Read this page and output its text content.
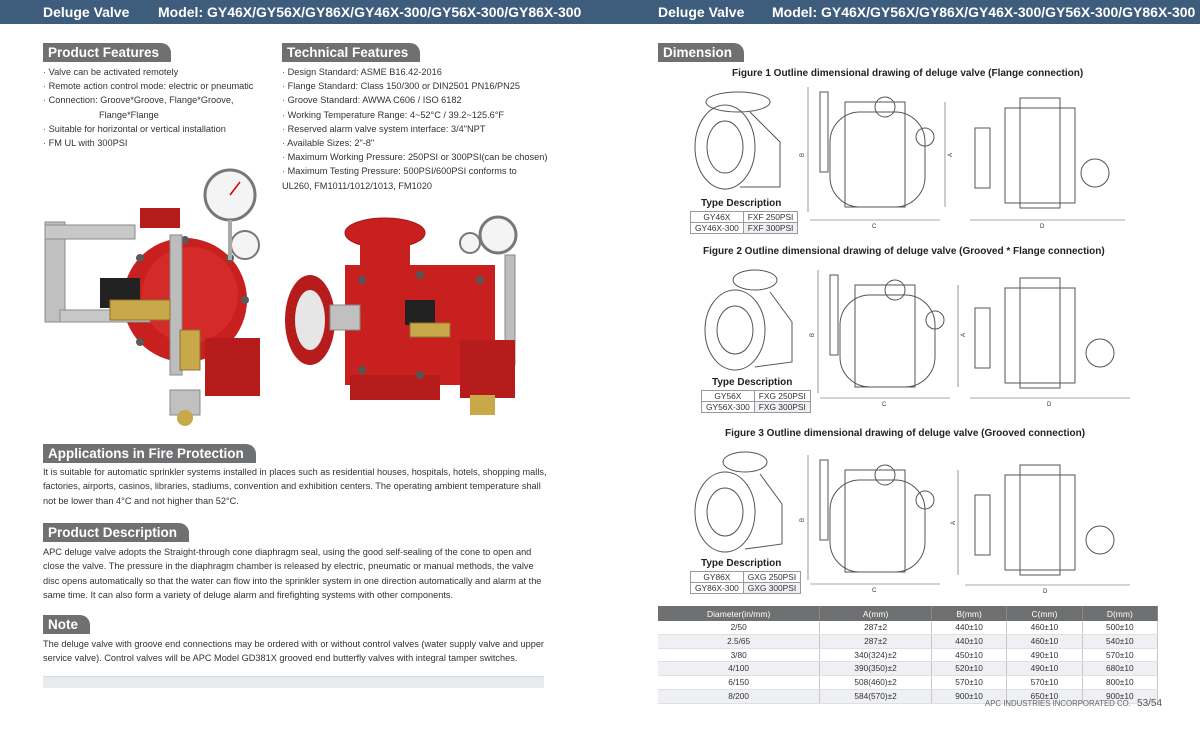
Deluge Valve Model: GY46X/GY56X/GY86X/GY46X-300/GY56X-300/GY86X-300
Product Features
· Valve can be activated remotely
· Remote action control mode: electric or pneumatic
· Connection: Groove*Groove, Flange*Groove,
Flange*Flange
· Suitable for horizontal or vertical installation
· FM UL with 300PSI
Technical Features
· Design Standard: ASME B16.42-2016
· Flange Standard: Class 150/300 or DIN2501 PN16/PN25
· Groove Standard: AWWA C606 / ISO 6182
· Working Temperature Range: 4~52°C / 39.2~125.6°F
· Reserved alarm valve system interface: 3/4"NPT
· Available Sizes: 2"-8"
· Maximum Working Pressure: 250PSI or 300PSI(can be chosen)
· Maximum Testing Pressure: 500PSI/600PSI conforms to
UL260, FM1011/1012/1013, FM1020
Applications in Fire Protection

It is suitable for automatic sprinkler systems installed in places such as residential houses, hospitals, hotels, shopping malls, factories, airports, casinos, libraries, stadiums, convention and exhibition centers. The operating ambient temperature shall not be lower than 4°C and not higher than 52°C.

Product Description

APC deluge valve adopts the Straight-through cone diaphragm seal, using the good self-sealing of the cone to open and close the valve. The pressure in the diaphragm chamber is released by electric, pneumatic or manual methods, the valve disc opens automatically so that the water can flow into the sprinkler system in one direction automatically and alarm at the same time. It can also form a variety of deluge alarm and firefighting systems with other components.

Note

The deluge valve with groove end connections may be ordered with or without control valves (water supply valve and upper service valve). Control valves will be APC Model GD381X grooved end butterfly valves with integral tamper switches.

Deluge Valve Model: GY46X/GY56X/GY86X/GY46X-300/GY56X-300/GY86X-300
Dimension
Figure 1 Outline dimensional drawing of deluge valve (Flange connection)
B
C
A
D
Type Description
GY46X	FXF 250PSI
GY46X-300	FXF 300PSI
Figure 2 Outline dimensional drawing of deluge valve (Grooved * Flange connection)
B
C
A
D
Type Description
GY56X	FXG 250PSI
GY56X-300	FXG 300PSI
Figure 3 Outline dimensional drawing of deluge valve (Grooved connection)
B
C
A
D
Type Description
GY86X	GXG 250PSI
GY86X-300	GXG 300PSI
Diameter(in/mm)	A(mm)	B(mm)	C(mm)	D(mm)
2/50	287±2	440±10	460±10	500±10
2.5/65	287±2	440±10	460±10	540±10
3/80	340(324)±2	450±10	490±10	570±10
4/100	390(350)±2	520±10	490±10	680±10
6/150	508(460)±2	570±10	570±10	800±10
8/200	584(570)±2	900±10	650±10	900±10
APC INDUSTRIES INCORPORATED CO. 53/54
